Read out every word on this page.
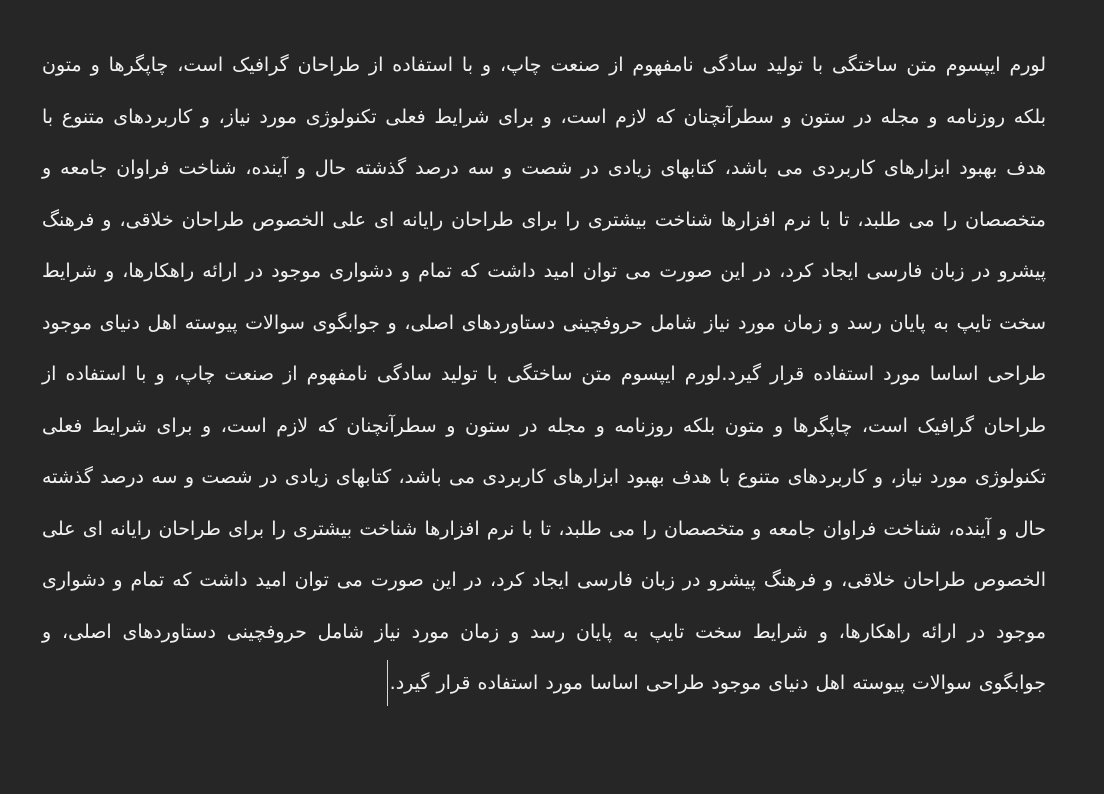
لورم ایپسوم متن ساختگی با تولید سادگی نامفهوم از صنعت چاپ، و با استفاده از طراحان گرافیک است، چاپگرها و متون بلکه روزنامه و مجله در ستون و سطرآنچنان که لازم است، و برای شرایط فعلی تکنولوژی مورد نیاز، و کاربردهای متنوع با هدف بهبود ابزارهای کاربردی می باشد، کتابهای زیادی در شصت و سه درصد گذشته حال و آینده، شناخت فراوان جامعه و متخصصان را می طلبد، تا با نرم افزارها شناخت بیشتری را برای طراحان رایانه ای علی الخصوص طراحان خلاقی، و فرهنگ پیشرو در زبان فارسی ایجاد کرد، در این صورت می توان امید داشت که تمام و دشواری موجود در ارائه راهکارها، و شرایط سخت تایپ به پایان رسد و زمان مورد نیاز شامل حروفچینی دستاوردهای اصلی، و جوابگوی سوالات پیوسته اهل دنیای موجود طراحی اساسا مورد استفاده قرار گیرد.لورم ایپسوم متن ساختگی با تولید سادگی نامفهوم از صنعت چاپ، و با استفاده از طراحان گرافیک است، چاپگرها و متون بلکه روزنامه و مجله در ستون و سطرآنچنان که لازم است، و برای شرایط فعلی تکنولوژی مورد نیاز، و کاربردهای متنوع با هدف بهبود ابزارهای کاربردی می باشد، کتابهای زیادی در شصت و سه درصد گذشته حال و آینده، شناخت فراوان جامعه و متخصصان را می طلبد، تا با نرم افزارها شناخت بیشتری را برای طراحان رایانه ای علی الخصوص طراحان خلاقی، و فرهنگ پیشرو در زبان فارسی ایجاد کرد، در این صورت می توان امید داشت که تمام و دشواری موجود در ارائه راهکارها، و شرایط سخت تایپ به پایان رسد و زمان مورد نیاز شامل حروفچینی دستاوردهای اصلی، و جوابگوی سوالات پیوسته اهل دنیای موجود طراحی اساسا مورد استفاده قرار گیرد.
